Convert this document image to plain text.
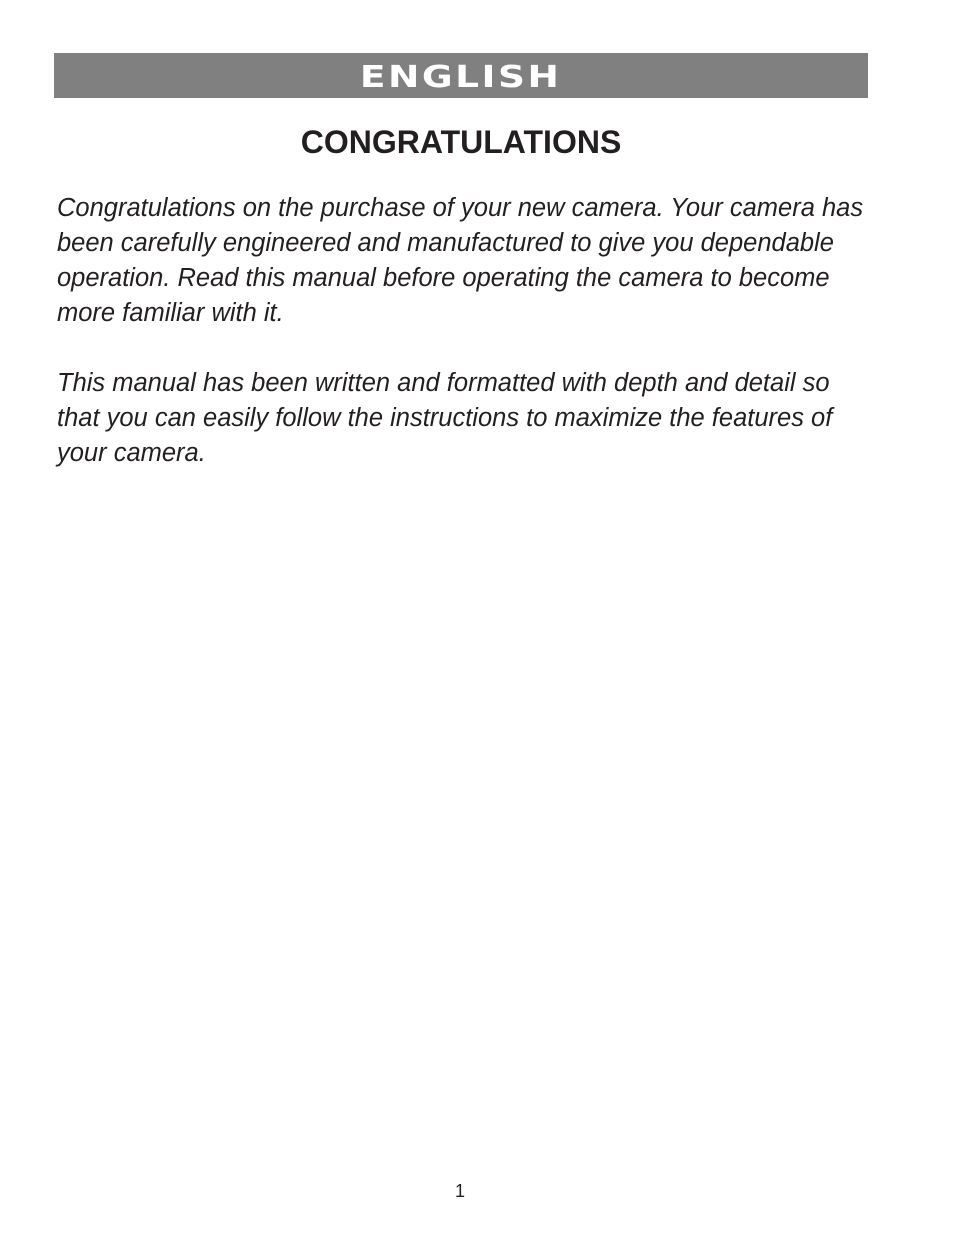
ENGLISH
CONGRATULATIONS

Congratulations on the purchase of your new camera. Your camera has been carefully engineered and manufactured to give you dependable operation. Read this manual before operating the camera to become more familiar with it.

This manual has been written and formatted with depth and detail so that you can easily follow the instructions to maximize the features of your camera.

1
